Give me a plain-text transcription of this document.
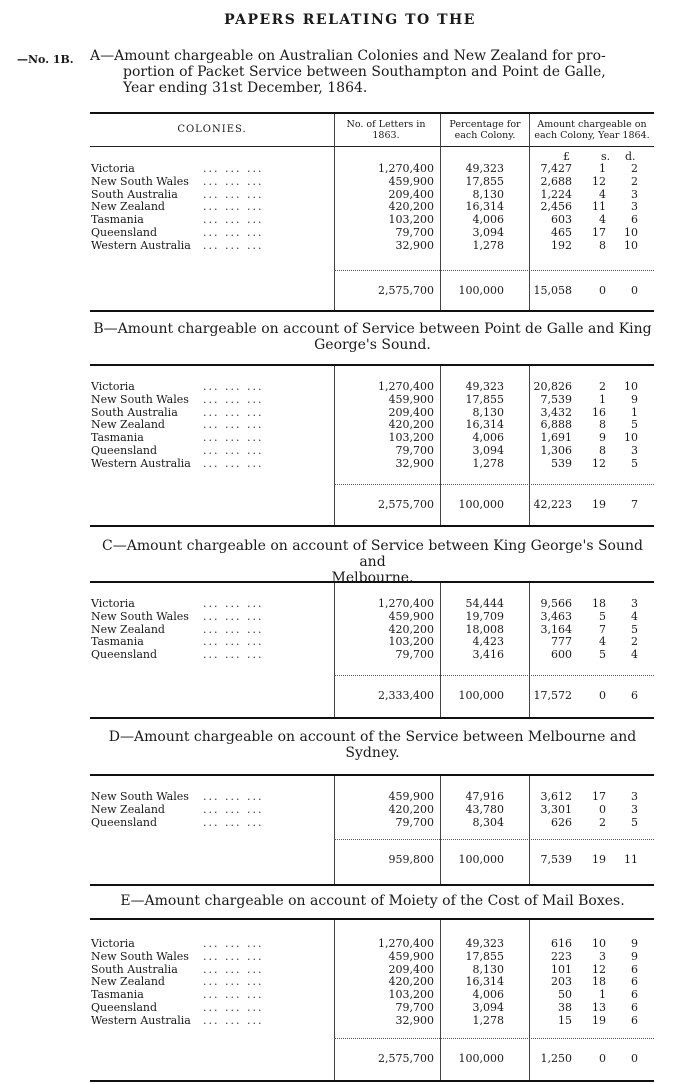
PAPERS RELATING TO THE
—No. 1B.
COLONIES.	No. of Letters in
1863.
Percentage for
each Colony.
Amount chargeable on
each Colony, Year 1864.
£	s. d.
A—Amount chargeable on Australian Colonies and New Zealand for pro-
portion of Packet Service between Southampton and Point de Galle,
Year ending 31st December, 1864.
Victoria	... ... ...	1,270,400	49,323	7,427 1 2
New South Wales ... ... ...	459,900	17,855	2,688 12 2
South Australia ... ... ...	209,400	8,130	1,224 4 3
New Zealand	... ... ...	420,200	16,314	2,456 11 3
Tasmania	... ... ...	103,200	4,006	603 4 6
Queensland	... ... ...	79,700	3,094	465 17 10
Western Australia ... ... ...	32,900	1,278	192 8 10
2,575,700 100,000	15,058 0 0
B—Amount chargeable on account of Service between Point de Galle and King
George's Sound.
Victoria	... ... ...	1,270,400	49,323	20,826 2 10
New South Wales ... ... ...	459,900	17,855	7,539 1 9
South Australia ... ... ...	209,400	8,130	3,432 16 1
New Zealand	... ... ...	420,200	16,314	6,888 8 5
Tasmania	... ... ...	103,200	4,006	1,691 9 10
Queensland	... ... ...	79,700	3,094	1,306 8 3
Western Australia ... ... ...	32,900	1,278	539 12 5
2,575,700 100,000	42,223 19 7
C—Amount chargeable on account of Service between King George's Sound and
Melbourne.
Victoria	... ... ...	1,270,400	54,444	9,566 18 3
New South Wales ... ... ...	459,900	19,709	3,463 5 4
New Zealand	... ... ...	420,200	18,008	3,164 7 5
Tasmania	... ... ...	103,200	4,423	777 4 2
Queensland	... ... ...	79,700	3,416	600 5 4
2,333,400 100,000	17,572 0 6
D—Amount chargeable on account of the Service between Melbourne and
Sydney.
New South Wales ... ... ...	459,900	47,916	3,612 17 3
New Zealand	... ... ...	420,200	43,780	3,301 0 3
Queensland	... ... ...	79,700	8,304	626 2 5
959,800 100,000	7,539 19 11
E—Amount chargeable on account of Moiety of the Cost of Mail Boxes.
Victoria	... ... ...	1,270,400	49,323	616 10 9
New South Wales ... ... ...	459,900	17,855	223 3 9
South Australia ... ... ...	209,400	8,130	101 12 6
New Zealand	... ... ...	420,200	16,314	203 18 6
Tasmania	... ... ...	103,200	4,006	50 1 6
Queensland	... ... ...	79,700	3,094	38 13 6
Western Australia ... ... ...	32,900	1,278	15 19 6
2,575,700 100,000	1,250 0 0
